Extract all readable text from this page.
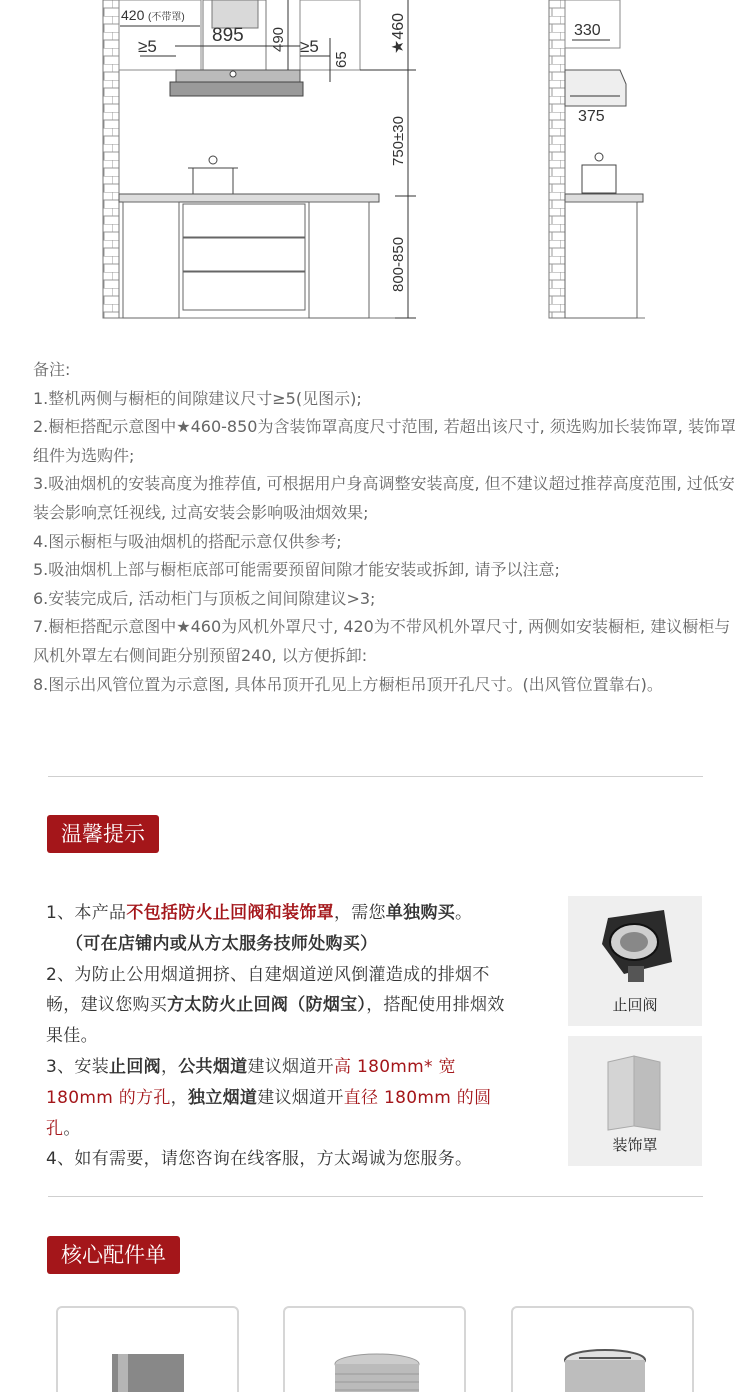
420 (不带罩)
895
≥5	≥5
490
65
★460
750±30
800-850
330
375
备注:
1.整机两侧与橱柜的间隙建议尺寸≥5(见图示);
2.橱柜搭配示意图中★460-850为含装饰罩高度尺寸范围, 若超出该尺寸, 须选购加长装饰罩, 装饰罩组件为选购件;
3.吸油烟机的安装高度为推荐值, 可根据用户身高调整安装高度, 但不建议超过推荐高度范围, 过低安装会影响烹饪视线, 过高安装会影响吸油烟效果;
4.图示橱柜与吸油烟机的搭配示意仅供参考;
5.吸油烟机上部与橱柜底部可能需要预留间隙才能安装或拆卸, 请予以注意;
6.安装完成后, 活动柜门与顶板之间间隙建议>3;
7.橱柜搭配示意图中★460为风机外罩尺寸, 420为不带风机外罩尺寸, 两侧如安装橱柜, 建议橱柜与风机外罩左右侧间距分别预留240, 以方便拆卸:
8.图示出风管位置为示意图, 具体吊顶开孔见上方橱柜吊顶开孔尺寸。(出风管位置靠右)。
温馨提示
1、本产品不包括防火止回阀和装饰罩，需您单独购买。
（可在店铺内或从方太服务技师处购买）
2、为防止公用烟道拥挤、自建烟道逆风倒灌造成的排烟不畅，建议您购买方太防火止回阀（防烟宝），搭配使用排烟效果佳。
3、安装止回阀，公共烟道建议烟道开高 180mm* 宽 180mm 的方孔，独立烟道建议烟道开直径 180mm 的圆孔。
4、如有需要，请您咨询在线客服，方太竭诚为您服务。
止回阀
装饰罩
核心配件单
